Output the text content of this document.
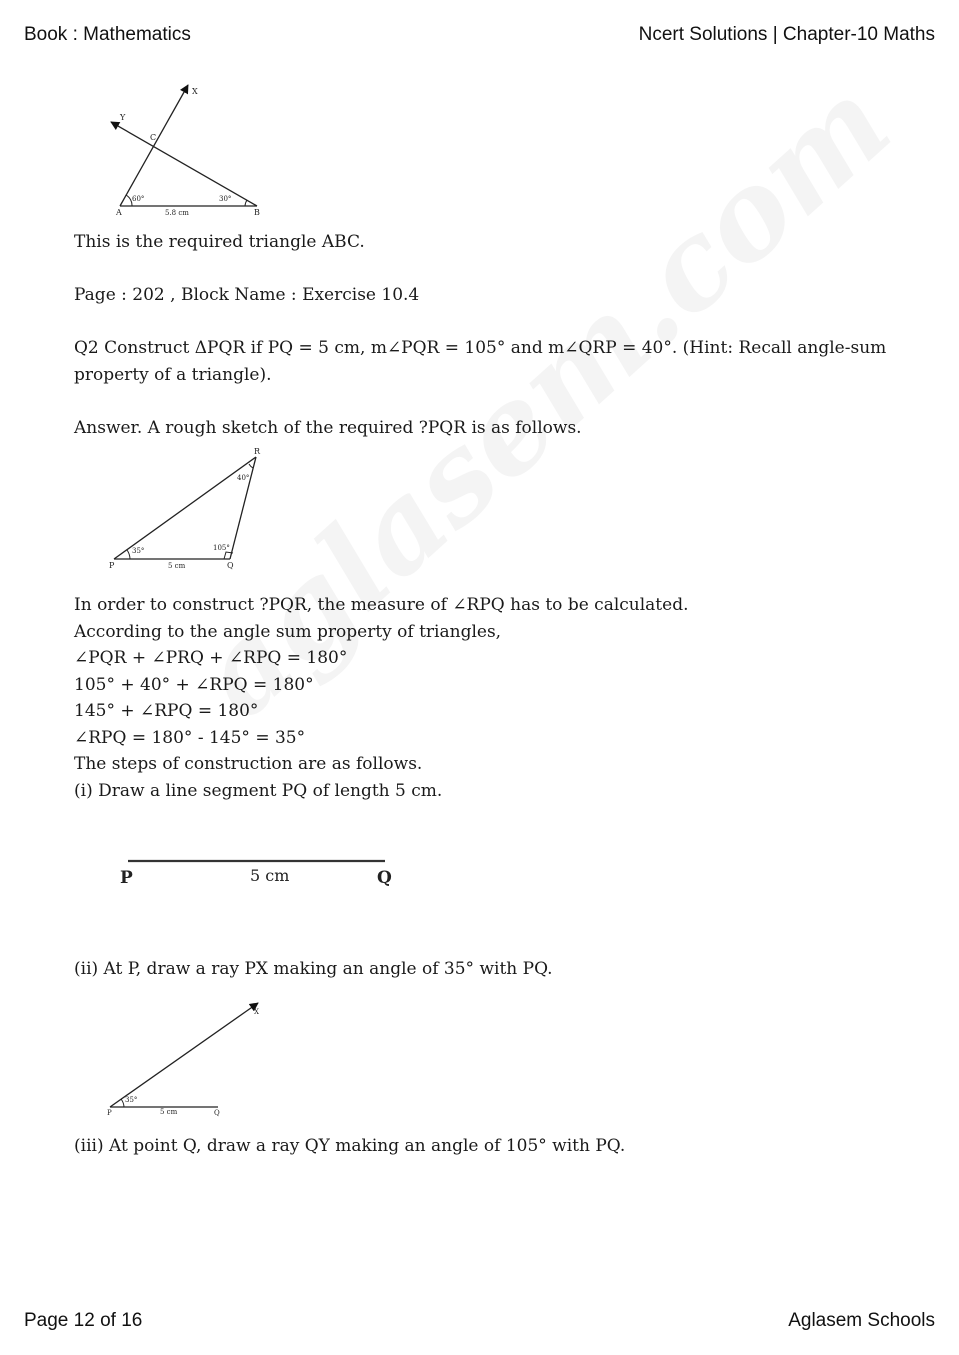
Book : Mathematics	Ncert Solutions | Chapter-10 Maths
X
Y
C
A	B
60°	30°
5.8 cm

This is the required triangle ABC.

Page : 202 , Block Name : Exercise 10.4

Q2 Construct ΔPQR if PQ = 5 cm, m∠PQR = 105° and m∠QRP = 40°. (Hint: Recall angle-sum property of a triangle).

Answer. A rough sketch of the required ?PQR is as follows.

P	Q
R
35°	105°
40°
5 cm
In order to construct ?PQR, the measure of ∠RPQ has to be calculated.
According to the angle sum property of triangles,
∠PQR + ∠PRQ + ∠RPQ = 180°
105° + 40° + ∠RPQ = 180°
145° + ∠RPQ = 180°
∠RPQ = 180° - 145° = 35°
The steps of construction are as follows.
(i) Draw a line segment PQ of length 5 cm.
P	5 cm	Q

(ii) At P, draw a ray PX making an angle of 35° with PQ.

P	Q
X
35°
5 cm

(iii) At point Q, draw a ray QY making an angle of 105° with PQ.

Page 12 of 16	Aglasem Schools
